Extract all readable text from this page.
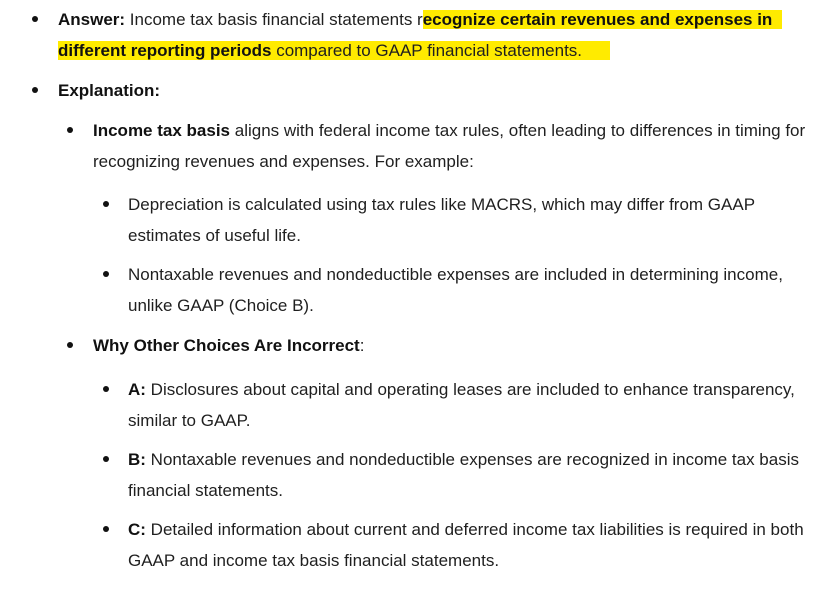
Answer: Income tax basis financial statements recognize certain revenues and expenses in
different reporting periods compared to GAAP financial statements.
Explanation:
Income tax basis aligns with federal income tax rules, often leading to differences in timing for recognizing revenues and expenses. For example:
Depreciation is calculated using tax rules like MACRS, which may differ from GAAP estimates of useful life.
Nontaxable revenues and nondeductible expenses are included in determining income, unlike GAAP (Choice B).
Why Other Choices Are Incorrect:
A: Disclosures about capital and operating leases are included to enhance transparency, similar to GAAP.
B: Nontaxable revenues and nondeductible expenses are recognized in income tax basis financial statements.
C: Detailed information about current and deferred income tax liabilities is required in both GAAP and income tax basis financial statements.
